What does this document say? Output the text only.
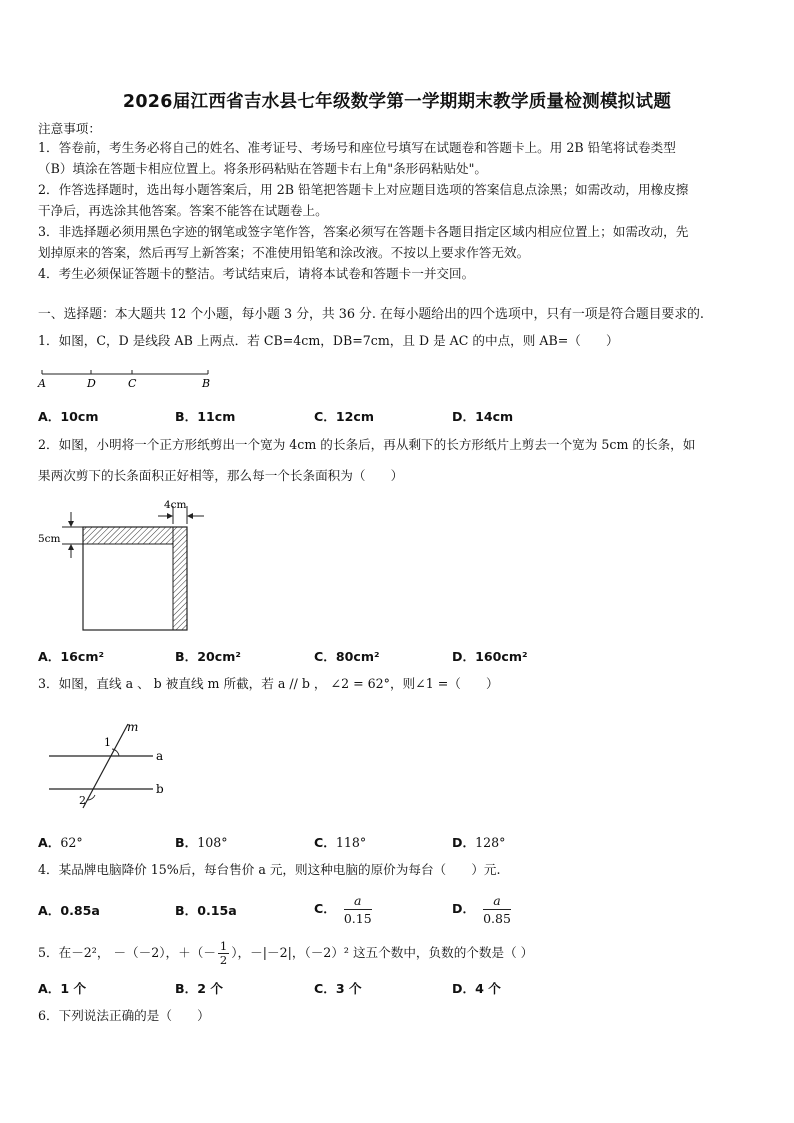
2026届江西省吉水县七年级数学第一学期期末教学质量检测模拟试题
注意事项：
1．答卷前，考生务必将自己的姓名、准考证号、考场号和座位号填写在试题卷和答题卡上。用 2B 铅笔将试卷类型
（B）填涂在答题卡相应位置上。将条形码粘贴在答题卡右上角"条形码粘贴处"。
2．作答选择题时，选出每小题答案后，用 2B 铅笔把答题卡上对应题目选项的答案信息点涂黑；如需改动，用橡皮擦
干净后，再选涂其他答案。答案不能答在试题卷上。
3．非选择题必须用黑色字迹的钢笔或签字笔作答，答案必须写在答题卡各题目指定区域内相应位置上；如需改动，先
划掉原来的答案，然后再写上新答案；不准使用铅笔和涂改液。不按以上要求作答无效。
4．考生必须保证答题卡的整洁。考试结束后，请将本试卷和答题卡一并交回。
一、选择题：本大题共 12 个小题，每小题 3 分，共 36 分. 在每小题给出的四个选项中，只有一项是符合题目要求的.
1．如图，C，D 是线段 AB 上两点．若 CB=4cm，DB=7cm，且 D 是 AC 的中点，则 AB=（　　）
A	D	C	B
A．10cm	B．11cm	C．12cm	D．14cm
2．如图，小明将一个正方形纸剪出一个宽为 4cm 的长条后，再从剩下的长方形纸片上剪去一个宽为 5cm 的长条，如
果两次剪下的长条面积正好相等，那么每一个长条面积为（　　）
4cm
5cm
A．16cm²	B．20cm²	C．80cm²	D．160cm²
3．如图，直线 a 、 b 被直线 m 所截，若 a // b ， ∠2 = 62°，则∠1 =（　　）
m
a
b
1
2
A．62°	B．108°	C．118°	D．128°
4．某品牌电脑降价 15%后，每台售价 a 元，则这种电脑的原价为每台（　　）元.
A．0.85a	B．0.15a	C． $\frac{a}{0.15}$	D． $\frac{a}{0.85}$
5．在－2²， －（－2），＋（－ $\frac{1}{2}$ ），－|－2|，（－2）² 这五个数中，负数的个数是（ ）
A．1 个	B．2 个	C．3 个	D．4 个
6．下列说法正确的是（　　）
